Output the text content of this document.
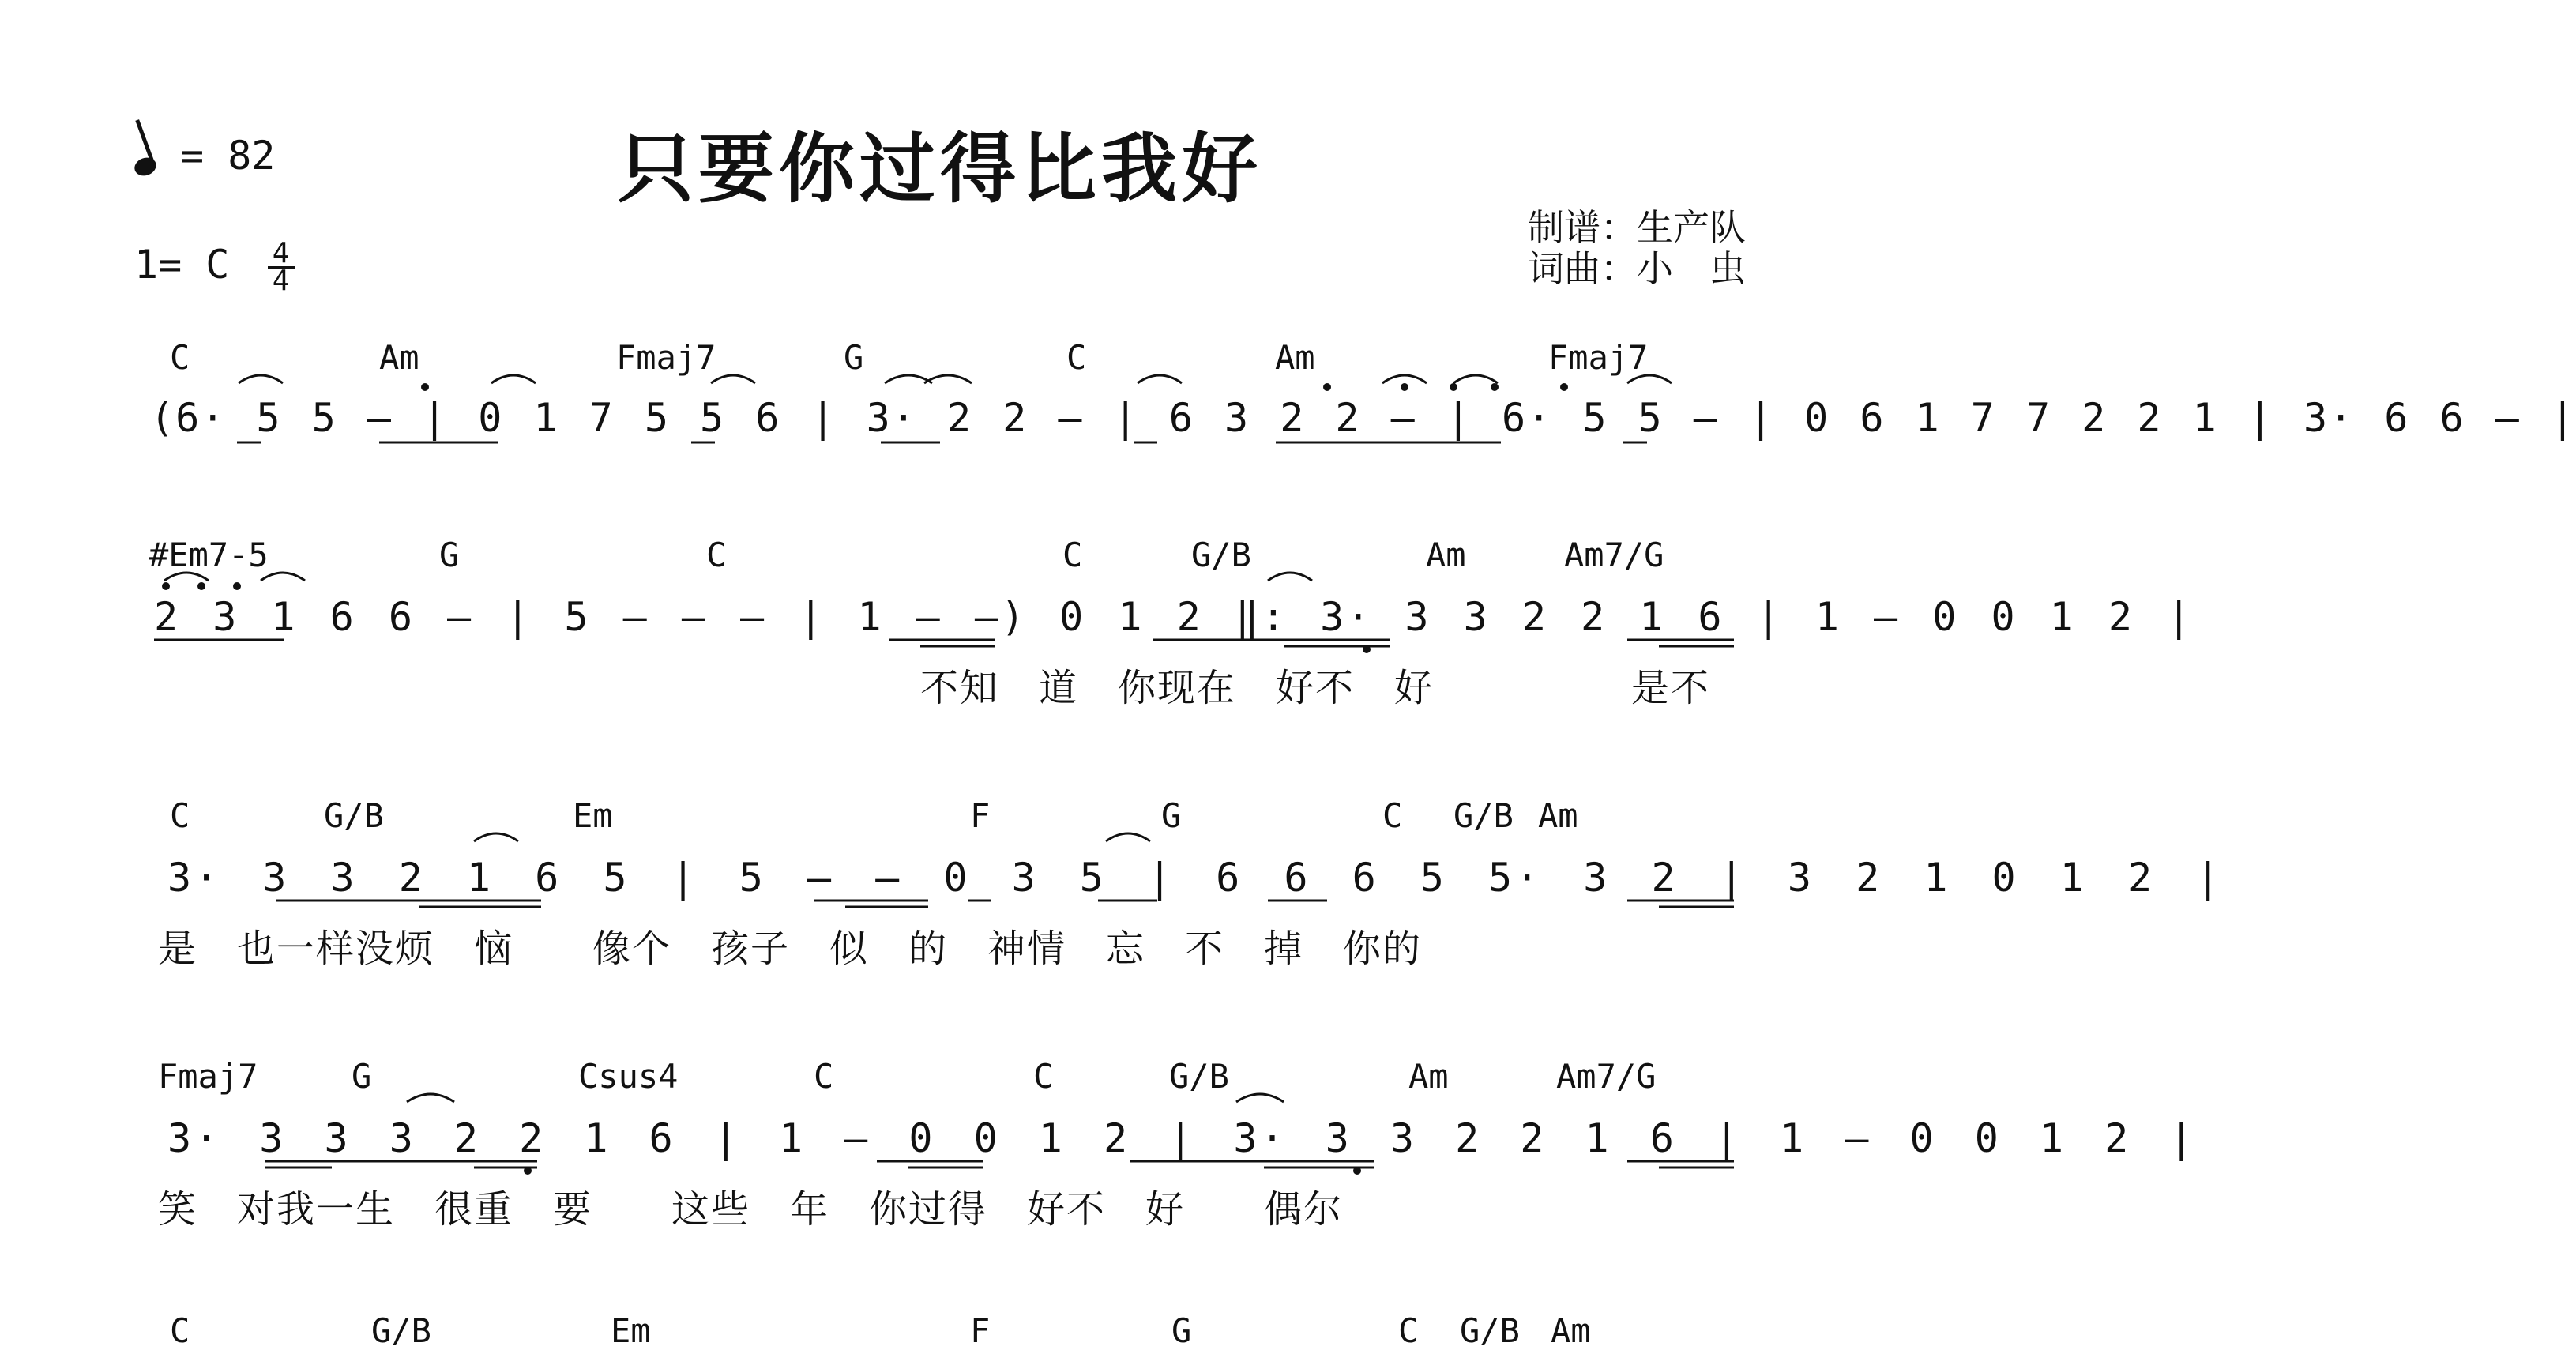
只要你过得比我好
= 82
1= C $\frac{4}{4}$
制谱：生产队
词曲：小　虫
C	Am	Fmaj7	G	C	Am	Fmaj7
(6· 5 5 — | 0 1 7 5 5 6 | 3· 2 2 — | 6 3 2 2 — | 6· 5 5 — | 0 6 1 7 7 2 2 1 | 3· 6 6 — |
#Em7-5	G	C	C	G/B	Am	Am7/G
2 3 1 6 6 — | 5 — — — | 1 — —) 0 1 2 ‖: 3· 3 3 2 2 1 6 | 1 — 0 0 1 2 |
不知　道　你现在　好不　好　　　　　是不
C	G/B	Em	F	G	C G/B Am
3· 3 3 2 1 6 5 | 5 — — 0 3 5 | 6 6 6 5 5· 3 2 | 3 2 1 0 1 2 |
是　也一样没烦　恼　　像个　孩子　似　的　神情　忘　不　掉　你的
Fmaj7	G	Csus4	C	C	G/B	Am	Am7/G
3· 3 3 3 2 2 1 6 | 1 — 0 0 1 2 | 3· 3 3 2 2 1 6 | 1 — 0 0 1 2 |
笑　对我一生　很重　要　　这些　年　你过得　好不　好　　偶尔
C	G/B	Em	F	G	C G/B Am
